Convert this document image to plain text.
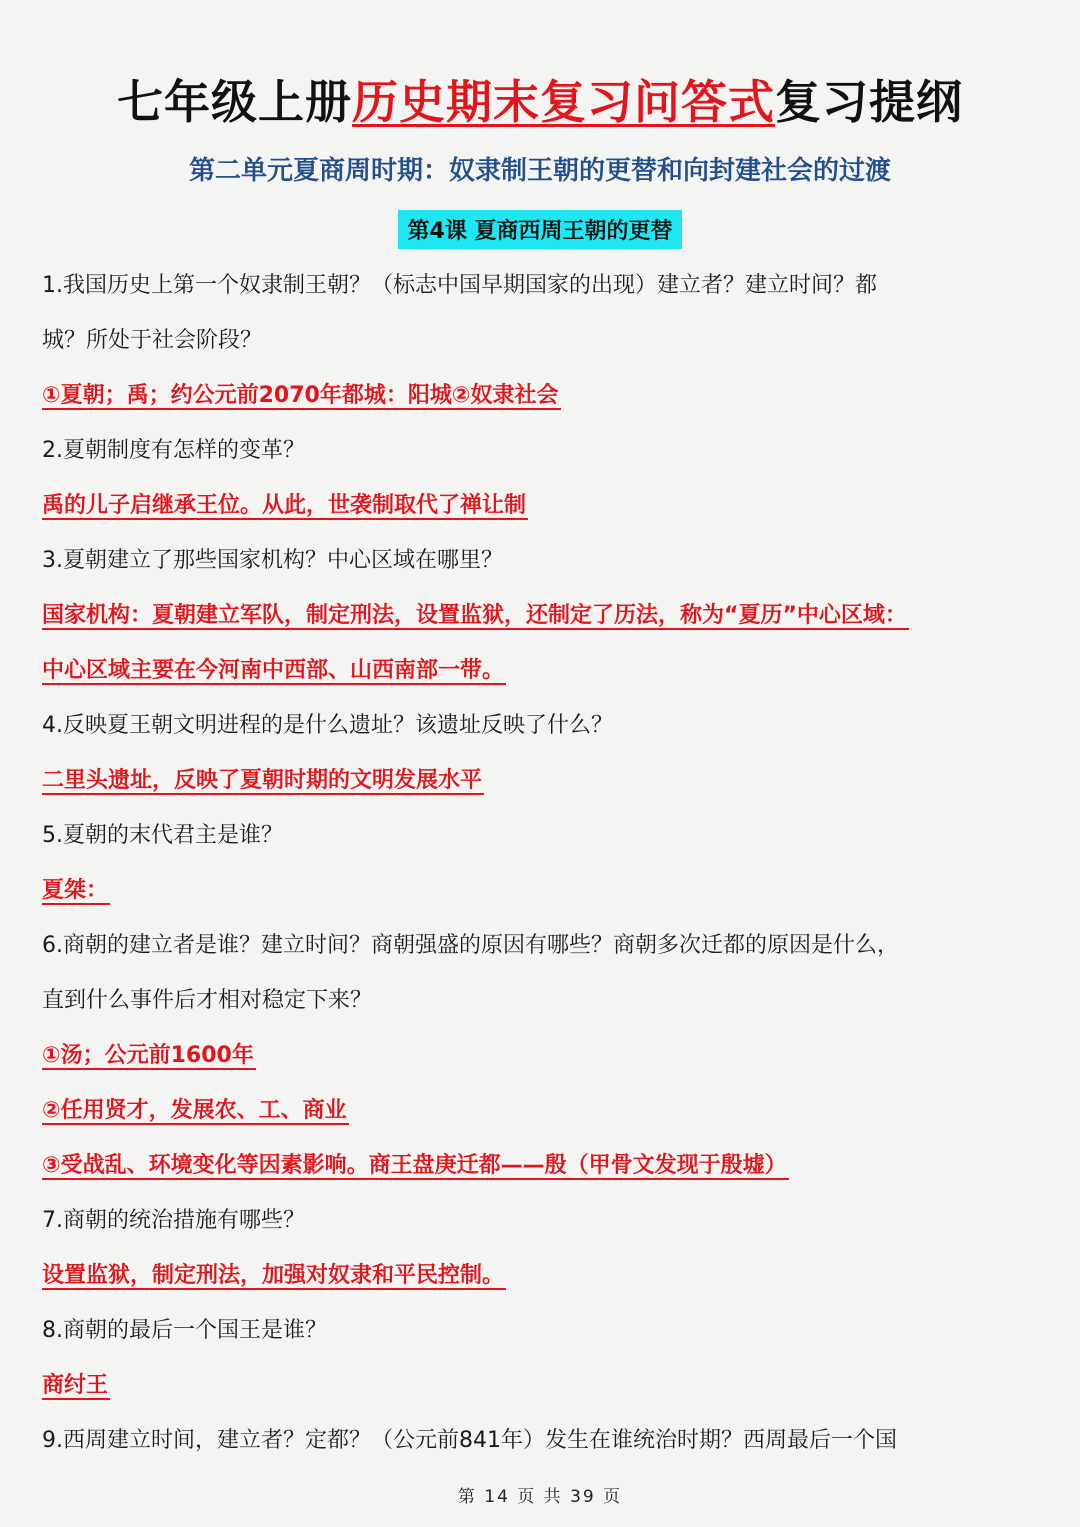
七年级上册历史期末复习问答式复习提纲
第二单元夏商周时期：奴隶制王朝的更替和向封建社会的过渡
第4课 夏商西周王朝的更替
1.我国历史上第一个奴隶制王朝？（标志中国早期国家的出现）建立者？建立时间？都
城？所处于社会阶段？
①夏朝；禹；约公元前2070年都城：阳城②奴隶社会
2.夏朝制度有怎样的变革？
禹的儿子启继承王位。从此，世袭制取代了禅让制
3.夏朝建立了那些国家机构？中心区域在哪里？
国家机构：夏朝建立军队，制定刑法，设置监狱，还制定了历法，称为“夏历”中心区域：
中心区域主要在今河南中西部、山西南部一带。
4.反映夏王朝文明进程的是什么遗址？该遗址反映了什么？
二里头遗址，反映了夏朝时期的文明发展水平
5.夏朝的末代君主是谁？
夏桀：
6.商朝的建立者是谁？建立时间？商朝强盛的原因有哪些？商朝多次迁都的原因是什么，
直到什么事件后才相对稳定下来？
①汤；公元前1600年
②任用贤才，发展农、工、商业
③受战乱、环境变化等因素影响。商王盘庚迁都——殷（甲骨文发现于殷墟）
7.商朝的统治措施有哪些？
设置监狱，制定刑法，加强对奴隶和平民控制。
8.商朝的最后一个国王是谁？
商纣王
9.西周建立时间，建立者？定都？（公元前841年）发生在谁统治时期？西周最后一个国
第 14 页 共 39 页
